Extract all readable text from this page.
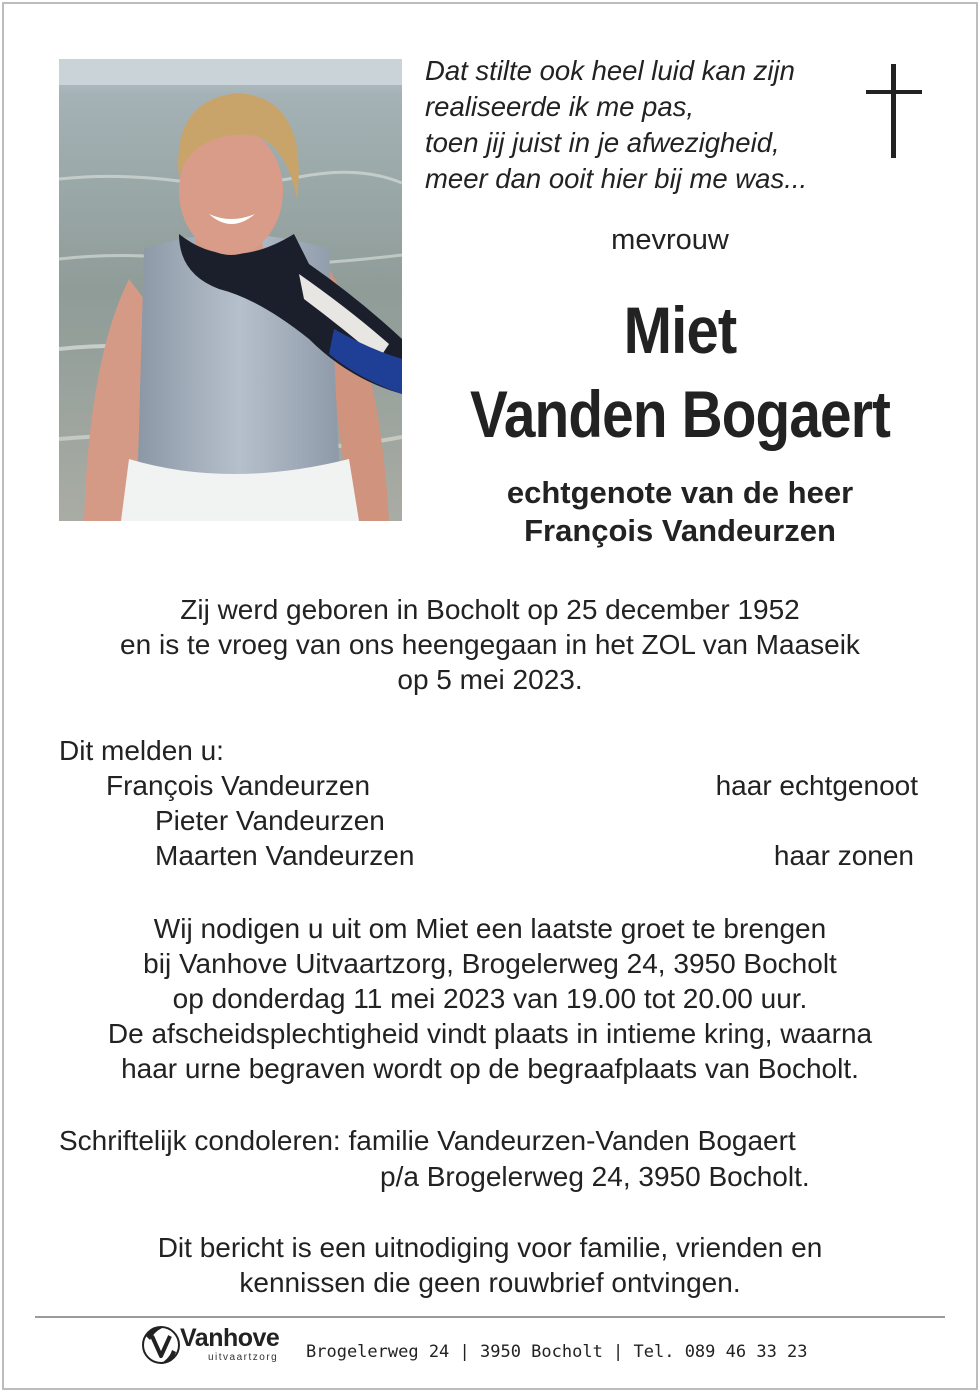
Dat stilte ook heel luid kan zijn
realiseerde ik me pas,
toen jij juist in je afwezigheid,
meer dan ooit hier bij me was...
mevrouw
Miet
Vanden Bogaert
echtgenote van de heer
François Vandeurzen
Zij werd geboren in Bocholt op 25 december 1952
en is te vroeg van ons heengegaan in het ZOL van Maaseik
op 5 mei 2023.
Dit melden u:
François Vandeurzen	haar echtgenoot
Pieter Vandeurzen
Maarten Vandeurzen	haar zonen
Wij nodigen u uit om Miet een laatste groet te brengen
bij Vanhove Uitvaartzorg, Brogelerweg 24, 3950 Bocholt
op donderdag 11 mei 2023 van 19.00 tot 20.00 uur.
De afscheidsplechtigheid vindt plaats in intieme kring, waarna
haar urne begraven wordt op de begraafplaats van Bocholt.
Schriftelijk condoleren: familie Vandeurzen-Vanden Bogaert
p/a Brogelerweg 24, 3950 Bocholt.
Dit bericht is een uitnodiging voor familie, vrienden en
kennissen die geen rouwbrief ontvingen.
Vanhove
uitvaartzorg Brogelerweg 24 | 3950 Bocholt | Tel. 089 46 33 23
